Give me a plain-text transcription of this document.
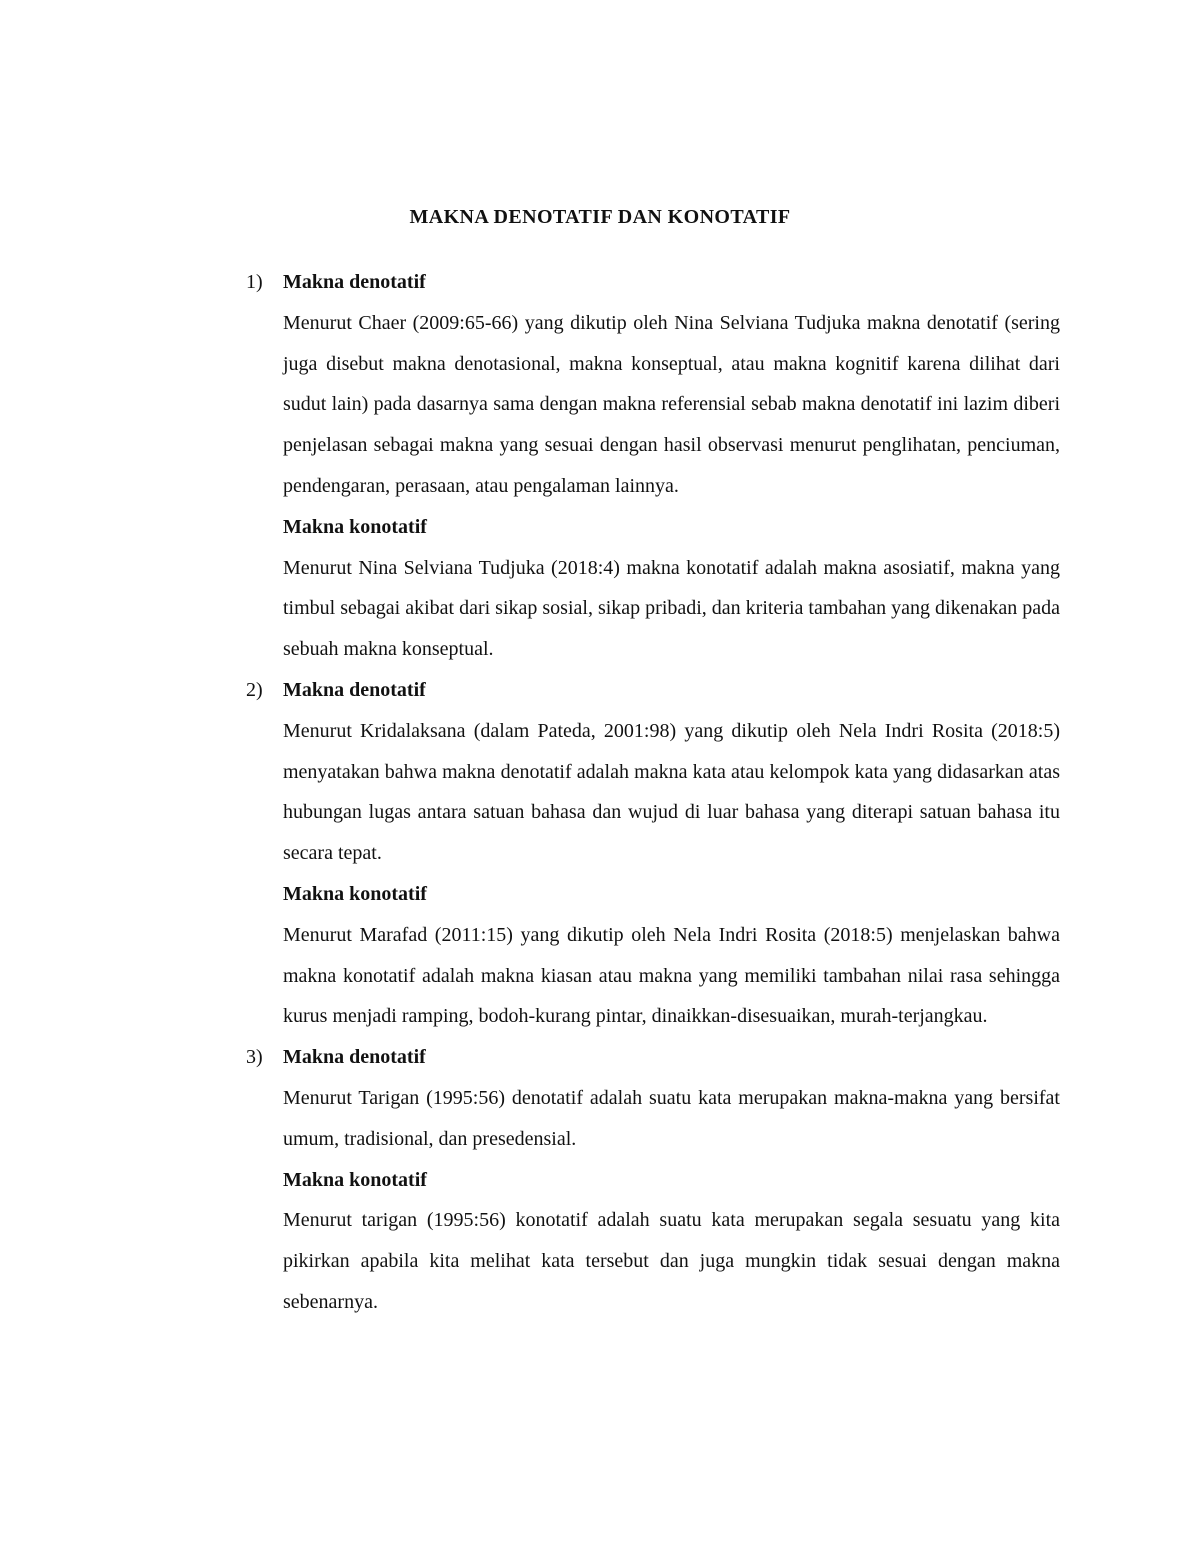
MAKNA DENOTATIF DAN KONOTATIF
1) Makna denotatif

Menurut Chaer (2009:65-66) yang dikutip oleh Nina Selviana Tudjuka makna denotatif (sering juga disebut makna denotasional, makna konseptual, atau makna kognitif karena dilihat dari sudut lain) pada dasarnya sama dengan makna referensial sebab makna denotatif ini lazim diberi penjelasan sebagai makna yang sesuai dengan hasil observasi menurut penglihatan, penciuman, pendengaran, perasaan, atau pengalaman lainnya.

Makna konotatif

Menurut Nina Selviana Tudjuka (2018:4) makna konotatif adalah makna asosiatif, makna yang timbul sebagai akibat dari sikap sosial, sikap pribadi, dan kriteria tambahan yang dikenakan pada sebuah makna konseptual.

2) Makna denotatif

Menurut Kridalaksana (dalam Pateda, 2001:98) yang dikutip oleh Nela Indri Rosita (2018:5) menyatakan bahwa makna denotatif adalah makna kata atau kelompok kata yang didasarkan atas hubungan lugas antara satuan bahasa dan wujud di luar bahasa yang diterapi satuan bahasa itu secara tepat.

Makna konotatif

Menurut Marafad (2011:15) yang dikutip oleh Nela Indri Rosita (2018:5) menjelaskan bahwa makna konotatif adalah makna kiasan atau makna yang memiliki tambahan nilai rasa sehingga kurus menjadi ramping, bodoh-kurang pintar, dinaikkan-disesuaikan, murah-terjangkau.

3) Makna denotatif

Menurut Tarigan (1995:56) denotatif adalah suatu kata merupakan makna-makna yang bersifat umum, tradisional, dan presedensial.

Makna konotatif

Menurut tarigan (1995:56) konotatif adalah suatu kata merupakan segala sesuatu yang kita pikirkan apabila kita melihat kata tersebut dan juga mungkin tidak sesuai dengan makna sebenarnya.
